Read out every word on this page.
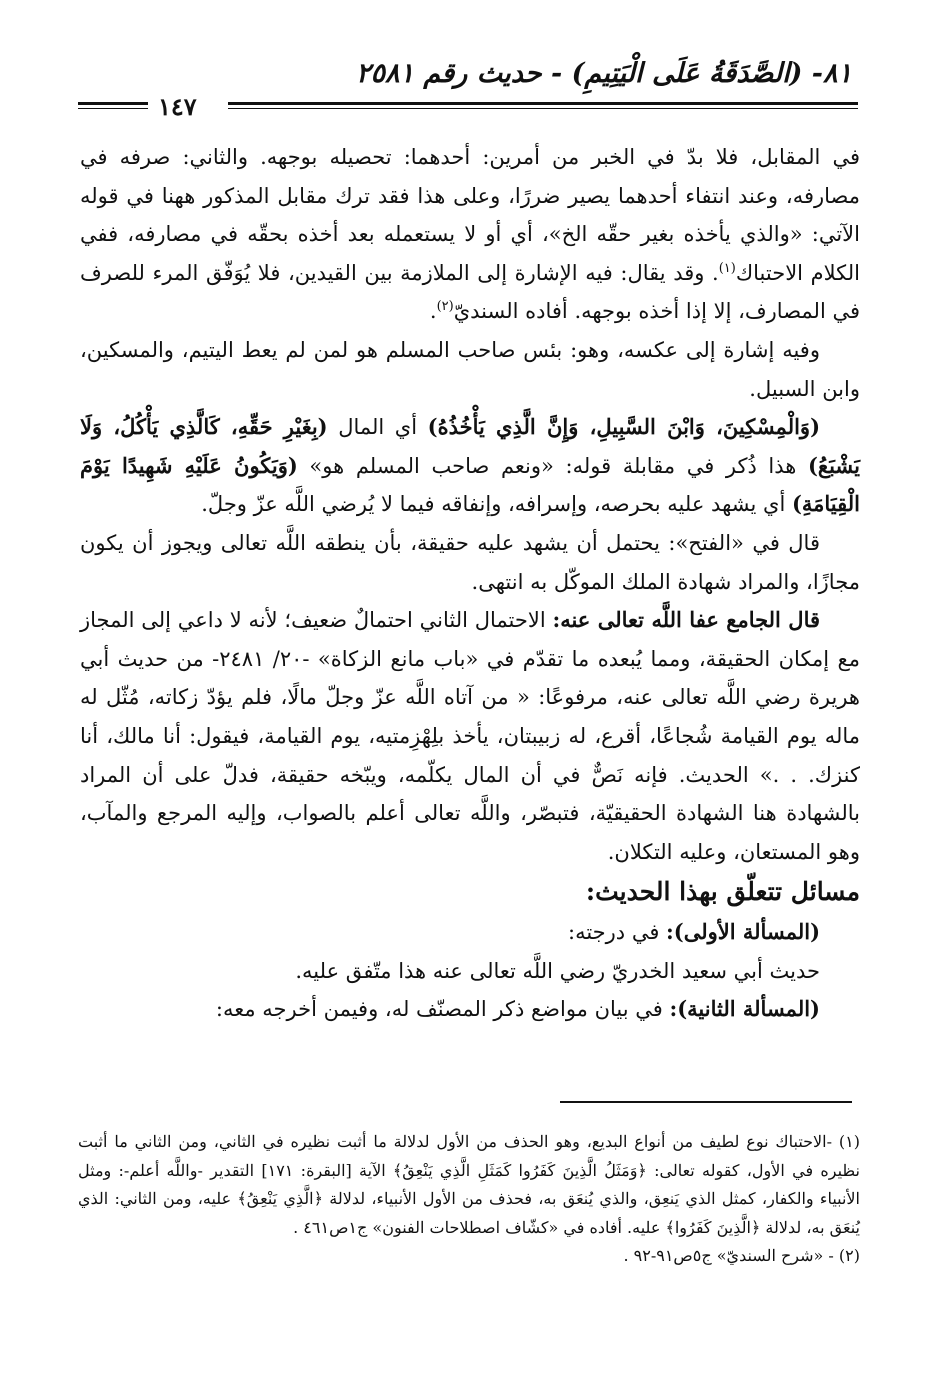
٨١- (الصَّدَقَةُ عَلَى الْيَتِيمِ) - حديث رقم ٢٥٨١
١٤٧

في المقابل، فلا بدّ في الخبر من أمرين: أحدهما: تحصيله بوجهه. والثاني: صرفه في مصارفه، وعند انتفاء أحدهما يصير ضررًا، وعلى هذا فقد ترك مقابل المذكور ههنا في قوله الآتي: «والذي يأخذه بغير حقّه الخ»، أي أو لا يستعمله بعد أخذه بحقّه في مصارفه، ففي الكلام الاحتباك$^{(١)}$. وقد يقال: فيه الإشارة إلى الملازمة بين القيدين، فلا يُوَفّق المرء للصرف في المصارف، إلا إذا أخذه بوجهه. أفاده السنديّ$^{(٢)}$.

وفيه إشارة إلى عكسه، وهو: بئس صاحب المسلم هو لمن لم يعط اليتيم، والمسكين، وابن السبيل.

(وَالْمِسْكِينَ، وَابْنَ السَّبِيلِ، وَإِنَّ الَّذِي يَأْخُذُهُ) أي المال (بِغَيْرِ حَقِّهِ، كَالَّذِي يَأْكُلُ، وَلَا يَشْبَعُ) هذا ذُكر في مقابلة قوله: «ونعم صاحب المسلم هو» (وَيَكُونُ عَلَيْهِ شَهِيدًا يَوْمَ الْقِيَامَةِ) أي يشهد عليه بحرصه، وإسرافه، وإنفاقه فيما لا يُرضي اللَّه عزّ وجلّ.

قال في «الفتح»: يحتمل أن يشهد عليه حقيقة، بأن ينطقه اللَّه تعالى ويجوز أن يكون مجازًا، والمراد شهادة الملك الموكّل به انتهى.

قال الجامع عفا اللَّه تعالى عنه: الاحتمال الثاني احتمالٌ ضعيف؛ لأنه لا داعي إلى المجاز مع إمكان الحقيقة، ومما يُبعده ما تقدّم في «باب مانع الزكاة» -٢٠/ ٢٤٨١- من حديث أبي هريرة رضي اللَّه تعالى عنه، مرفوعًا: « من آتاه اللَّه عزّ وجلّ مالًا، فلم يؤدّ زكاته، مُثّل له ماله يوم القيامة شُجاعًا، أقرع، له زبيبتان، يأخذ بلِهْزِمتيه، يوم القيامة، فيقول: أنا مالك، أنا كنزك. . .» الحديث. فإنه نَصٌّ في أن المال يكلّمه، ويبّخه حقيقة، فدلّ على أن المراد بالشهادة هنا الشهادة الحقيقيّة، فتبصّر، واللَّه تعالى أعلم بالصواب، وإليه المرجع والمآب، وهو المستعان، وعليه التكلان.

مسائل تتعلّق بهذا الحديث:

(المسألة الأولى): في درجته:

حديث أبي سعيد الخدريّ رضي اللَّه تعالى عنه هذا متّفق عليه.

(المسألة الثانية): في بيان مواضع ذكر المصنّف له، وفيمن أخرجه معه:

(١) -الاحتباك نوع لطيف من أنواع البديع، وهو الحذف من الأول لدلالة ما أثبت نظيره في الثاني، ومن الثاني ما أثبت نظيره في الأول، كقوله تعالى: ﴿وَمَثَلُ الَّذِينَ كَفَرُوا كَمَثَلِ الَّذِي يَنْعِقُ﴾ الآية [البقرة: ١٧١] التقدير -واللَّه أعلم-: ومثل الأنبياء والكفار، كمثل الذي يَنعِق، والذي يُنعَق به، فحذف من الأول الأنبياء، لدلالة ﴿الَّذِي يَنْعِقُ﴾ عليه، ومن الثاني: الذي يُنعَق به، لدلالة ﴿الَّذِينَ كَفَرُوا﴾ عليه. أفاده في «كشّاف اصطلاحات الفنون» ج١ص٤٦١ .

(٢) - «شرح السنديّ» ج٥ص٩١-٩٢ .
